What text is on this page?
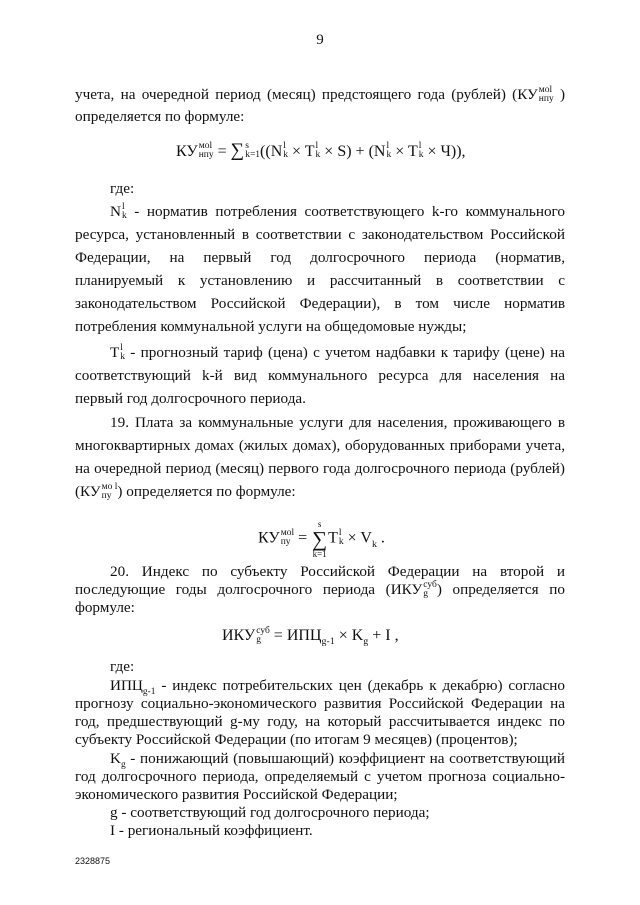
9
учета, на очередной период (месяц) предстоящего года (рублей) (КУ моl
нпу )
определяется по формуле:
КУ моl
нпу = ∑ s
k=1 ((N l
k × T l
k × S) + (N l
k × T l
k × Ч)),
где:
N l
k - норматив потребления соответствующего k-го коммунального
ресурса, установленный в соответствии с законодательством Российской
Федерации, на первый год долгосрочного периода (норматив,
планируемый к установлению и рассчитанный в соответствии с
законодательством Российской Федерации), в том числе норматив
потребления коммунальной услуги на общедомовые нужды;
T l
k - прогнозный тариф (цена) с учетом надбавки к тарифу (цене) на
соответствующий k-й вид коммунального ресурса для населения на
первый год долгосрочного периода.
19. Плата за коммунальные услуги для населения, проживающего в
многоквартирных домах (жилых домах), оборудованных приборами учета,
на очередной период (месяц) первого года долгосрочного периода (рублей)
(КУ мо l
пу ) определяется по формуле:
КУ моl
пу =
s
∑
k=1
T l
$k \times V_k$ .
20. Индекс по субъекту Российской Федерации на второй и
последующие годы долгосрочного периода (ИКУ суб
g ) определяется по
формуле:
ИКУ суб
$g = ИПЦ_{g-1} \times K_g + I$ ,
где:
$ИПЦ_{g-1}$ - индекс потребительских цен (декабрь к декабрю) согласно
прогнозу социально-экономического развития Российской Федерации на
год, предшествующий g-му году, на который рассчитывается индекс по
субъекту Российской Федерации (по итогам 9 месяцев) (процентов);
$K_g$ - понижающий (повышающий) коэффициент на соответствующий
год долгосрочного периода, определяемый с учетом прогноза социально-
экономического развития Российской Федерации;
g - соответствующий год долгосрочного периода;
I - региональный коэффициент.
2328875
